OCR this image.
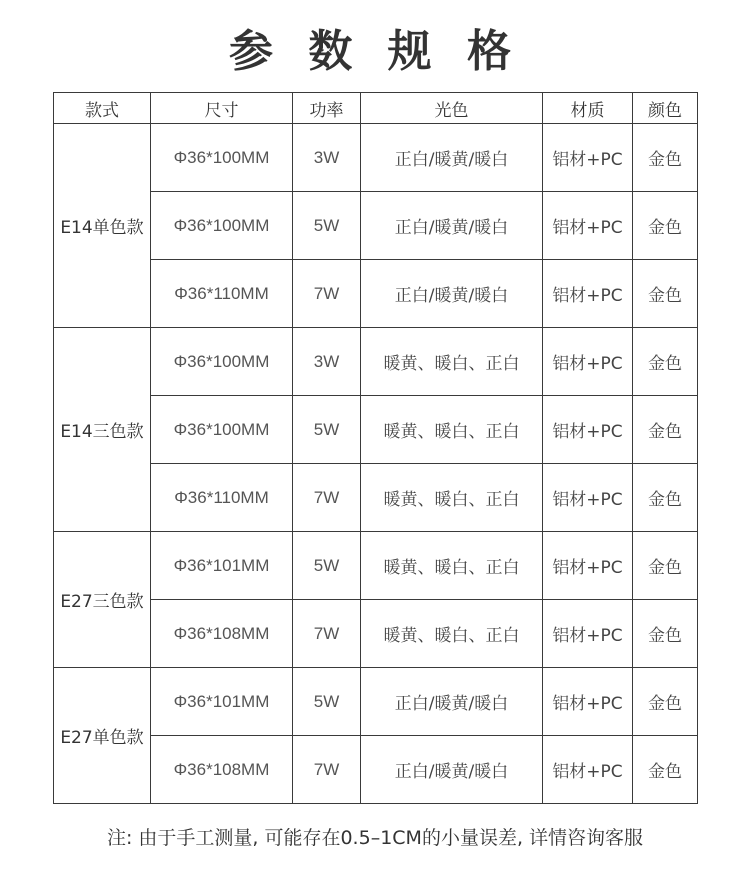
参 数 规 格
款式	尺寸	功率	光色	材质	颜色
E14单色款	Φ36*100MM	3W	正白/暖黄/暖白	铝材+PC	金色
	Φ36*100MM	5W	正白/暖黄/暖白	铝材+PC	金色
	Φ36*110MM	7W	正白/暖黄/暖白	铝材+PC	金色
E14三色款	Φ36*100MM	3W	暖黄、暖白、正白	铝材+PC	金色
	Φ36*100MM	5W	暖黄、暖白、正白	铝材+PC	金色
	Φ36*110MM	7W	暖黄、暖白、正白	铝材+PC	金色
E27三色款	Φ36*101MM	5W	暖黄、暖白、正白	铝材+PC	金色
	Φ36*108MM	7W	暖黄、暖白、正白	铝材+PC	金色
E27单色款	Φ36*101MM	5W	正白/暖黄/暖白	铝材+PC	金色
	Φ36*108MM	7W	正白/暖黄/暖白	铝材+PC	金色
注: 由于手工测量, 可能存在0.5–1CM的小量误差, 详情咨询客服
